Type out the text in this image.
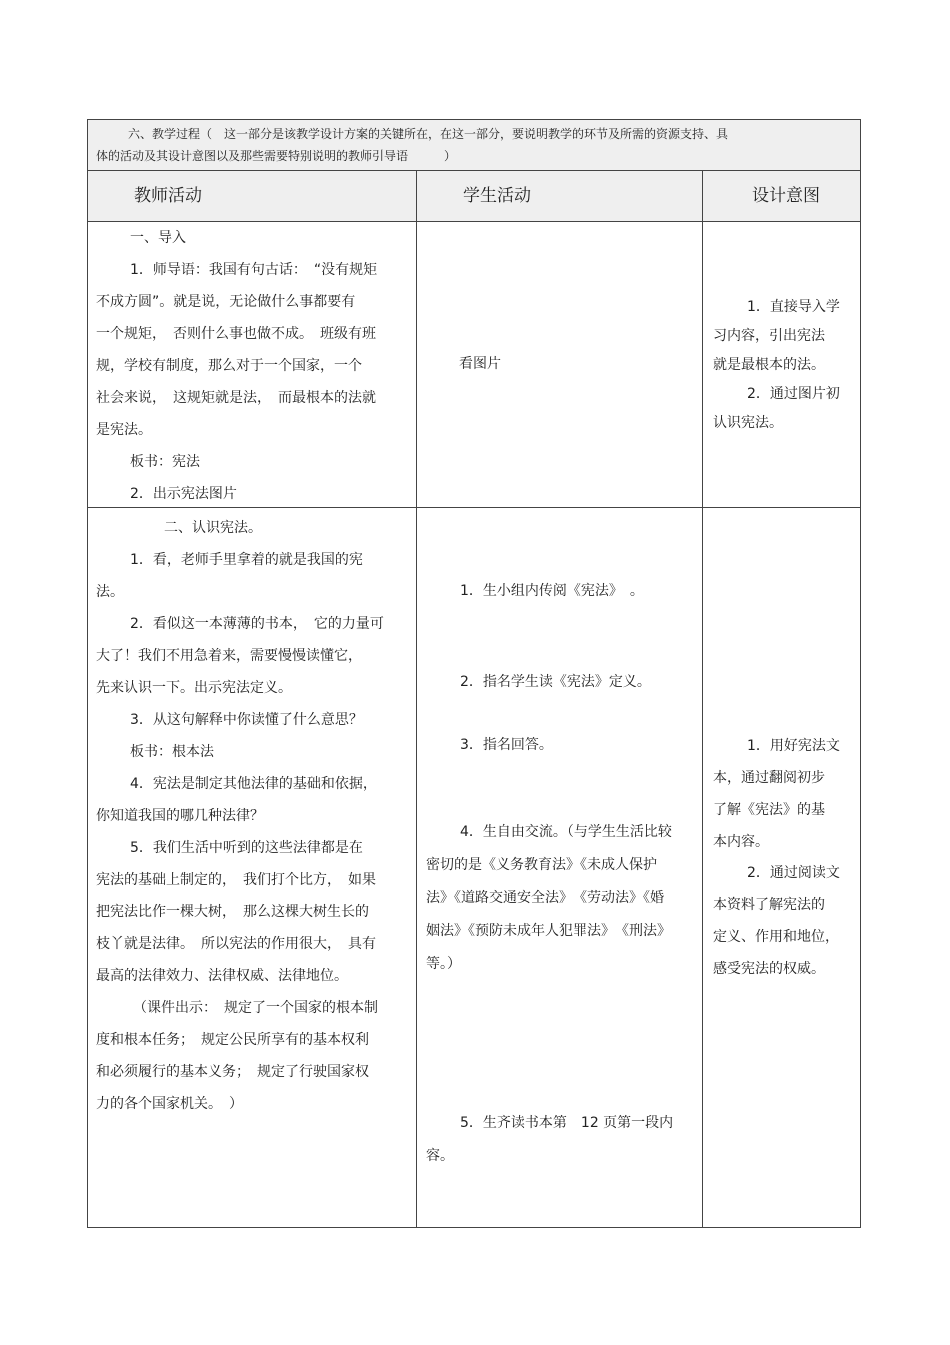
六、教学过程（　这一部分是该教学设计方案的关键所在，在这一部分，要说明教学的环节及所需的资源支持、具
体的活动及其设计意图以及那些需要特别说明的教师引导语　　　）
教师活动	学生活动	设计意图
　一、导入
　1．师导语：我国有句古话：　“没有规矩
不成方圆”。就是说，无论做什么事都要有
一个规矩，　否则什么事也做不成。　班级有班
规，学校有制度，那么对于一个国家，一个
社会来说，　这规矩就是法，　而最根本的法就
是宪法。
　板书：宪法
　2．出示宪法图片
看图片
1．直接导入学
习内容，引出宪法
就是最根本的法。
2．通过图片初
认识宪法。
　　二、认识宪法。
　1．看，老师手里拿着的就是我国的宪
法。
　2．看似这一本薄薄的书本，　它的力量可
大了！我们不用急着来，需要慢慢读懂它，
先来认识一下。出示宪法定义。
　3．从这句解释中你读懂了什么意思？
　板书：根本法
　4．宪法是制定其他法律的基础和依据，
你知道我国的哪几种法律？
　5．我们生活中听到的这些法律都是在
宪法的基础上制定的，　我们打个比方，　如果
把宪法比作一棵大树，　那么这棵大树生长的
枝丫就是法律。　所以宪法的作用很大，　具有
最高的法律效力、法律权威、法律地位。
　（课件出示：　规定了一个国家的根本制
度和根本任务；　规定公民所享有的基本权利
和必须履行的基本义务；　规定了行驶国家权
力的各个国家机关。　）
1．生小组内传阅《宪法》　。
2．指名学生读《宪法》定义。
3．指名回答。
4．生自由交流。（与学生生活比较
密切的是《义务教育法》《未成人保护
法》《道路交通安全法》　《劳动法》《婚
姻法》《预防未成年人犯罪法》　《刑法》
等。）
5．生齐读书本第　12 页第一段内
容。
1．用好宪法文
本，通过翻阅初步
了解《宪法》的基
本内容。
2．通过阅读文
本资料了解宪法的
定义、作用和地位，
感受宪法的权威。
